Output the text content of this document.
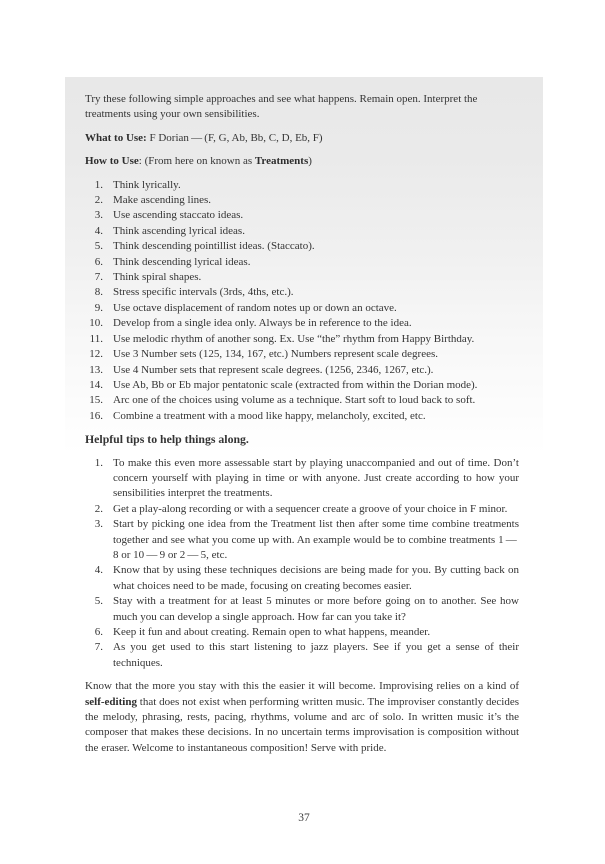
Try these following simple approaches and see what happens. Remain open. Interpret the treatments using your own sensibilities.

What to Use: F Dorian — (F, G, Ab, Bb, C, D, Eb, F)

How to Use: (From here on known as Treatments)

1. Think lyrically.
2. Make ascending lines.
3. Use ascending staccato ideas.
4. Think ascending lyrical ideas.
5. Think descending pointillist ideas. (Staccato).
6. Think descending lyrical ideas.
7. Think spiral shapes.
8. Stress specific intervals (3rds, 4ths, etc.).
9. Use octave displacement of random notes up or down an octave.
10. Develop from a single idea only. Always be in reference to the idea.
11. Use melodic rhythm of another song. Ex. Use “the” rhythm from Happy Birthday.
12. Use 3 Number sets (125, 134, 167, etc.) Numbers represent scale degrees.
13. Use 4 Number sets that represent scale degrees. (1256, 2346, 1267, etc.).
14. Use Ab, Bb or Eb major pentatonic scale (extracted from within the Dorian mode).
15. Arc one of the choices using volume as a technique. Start soft to loud back to soft.
16. Combine a treatment with a mood like happy, melancholy, excited, etc.

Helpful tips to help things along.

1. To make this even more assessable start by playing unaccompanied and out of time. Don’t concern yourself with playing in time or with anyone. Just create according to how your sensibilities interpret the treatments.
2. Get a play-along recording or with a sequencer create a groove of your choice in F minor.
3. Start by picking one idea from the Treatment list then after some time combine treatments together and see what you come up with. An example would be to combine treatments 1 — 8 or 10 — 9 or 2 — 5, etc.
4. Know that by using these techniques decisions are being made for you. By cutting back on what choices need to be made, focusing on creating becomes easier.
5. Stay with a treatment for at least 5 minutes or more before going on to another. See how much you can develop a single approach. How far can you take it?
6. Keep it fun and about creating. Remain open to what happens, meander.
7. As you get used to this start listening to jazz players. See if you get a sense of their techniques.

Know that the more you stay with this the easier it will become. Improvising relies on a kind of self-editing that does not exist when performing written music. The improviser constantly decides the melody, phrasing, rests, pacing, rhythms, volume and arc of solo. In written music it’s the composer that makes these decisions. In no uncertain terms improvisation is composition without the eraser. Welcome to instantaneous composition! Serve with pride.

37
